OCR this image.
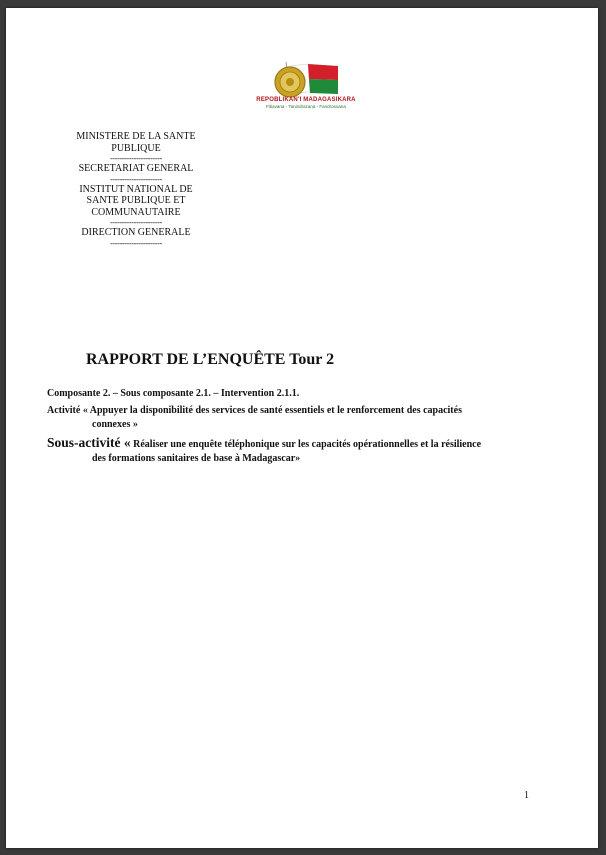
REPOBLIKAN'I MADAGASIKARA
Fitiavana - Tanindrazana - Fandrosoana
MINISTERE DE LA SANTE
PUBLIQUE
----------------------
SECRETARIAT GENERAL
----------------------
INSTITUT NATIONAL DE
SANTE PUBLIQUE ET
COMMUNAUTAIRE
----------------------
DIRECTION GENERALE
----------------------
RAPPORT DE L’ENQUÊTE Tour 2
Composante 2. – Sous composante 2.1. – Intervention 2.1.1.
Activité « Appuyer la disponibilité des services de santé essentiels et le renforcement des capacités
connexes »
Sous-activité « Réaliser une enquête téléphonique sur les capacités opérationnelles et la résilience
des formations sanitaires de base à Madagascar»
1
